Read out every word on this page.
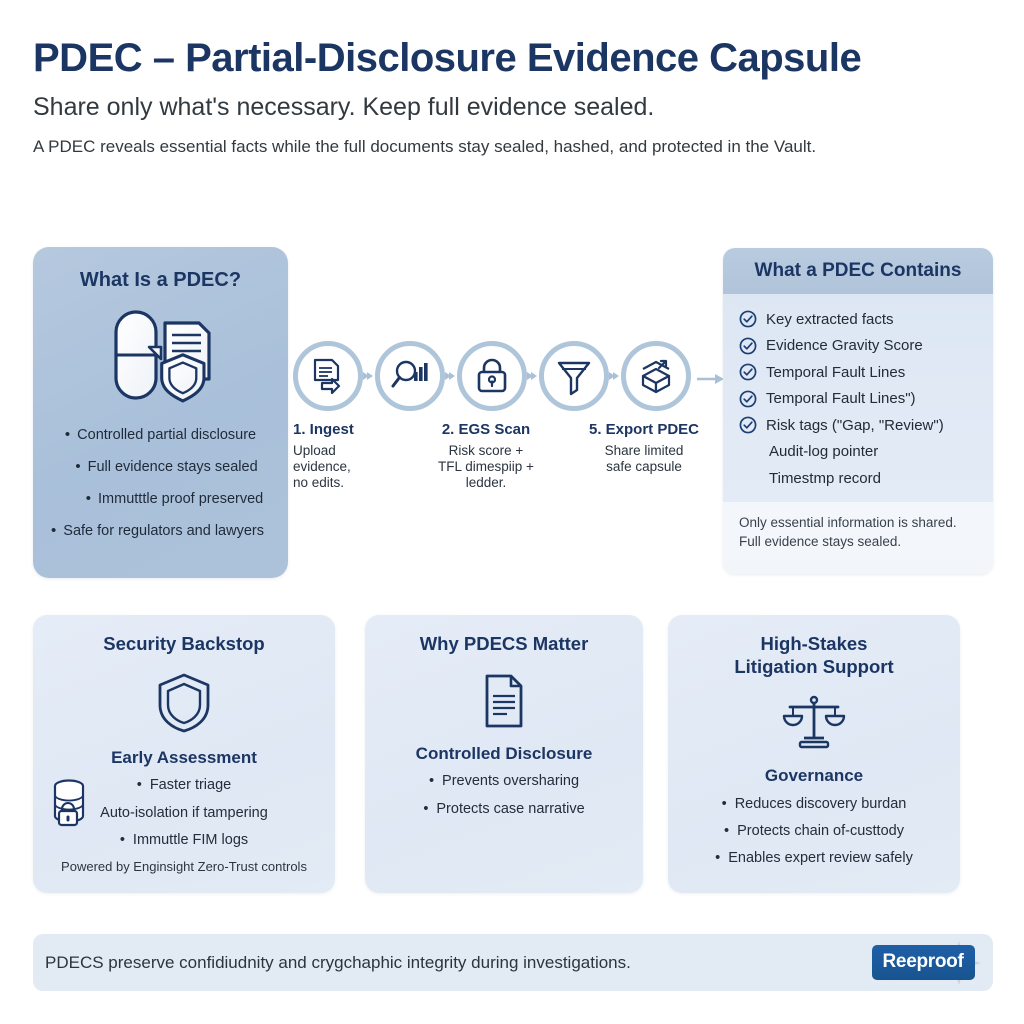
PDEC – Partial-Disclosure Evidence Capsule
Share only what's necessary. Keep full evidence sealed.
A PDEC reveals essential facts while the full documents stay sealed, hashed, and protected in the Vault.
What Is a PDEC?
• Controlled partial disclosure
• Full evidence stays sealed
• Immutttle proof preserved
• Safe for regulators and lawyers
1. Ingest
Upload
evidence,
no edits.
2. EGS Scan
Risk score +
TFL dimespiip +
ledder.
5. Export PDEC
Share limited
safe capsule
What a PDEC Contains
Key extracted facts
Evidence Gravity Score
Temporal Fault Lines
Temporal Fault Lines")
Risk tags ("Gap, "Review")
Audit-log pointer
Timestmp record
Only essential information is shared.
Full evidence stays sealed.
Security Backstop
Early Assessment
• Faster triage
Auto-isolation if tampering
• Immuttle FIM logs
Powered by Enginsight Zero-Trust controls
Why PDECS Matter
Controlled Disclosure
• Prevents oversharing
• Protects case narrative
High-Stakes
Litigation Support
Governance
• Reduces discovery burdan
• Protects chain of-custtody
• Enables expert review safely
PDECS preserve confidiudnity and crygchaphic integrity during investigations.	Reeproof
